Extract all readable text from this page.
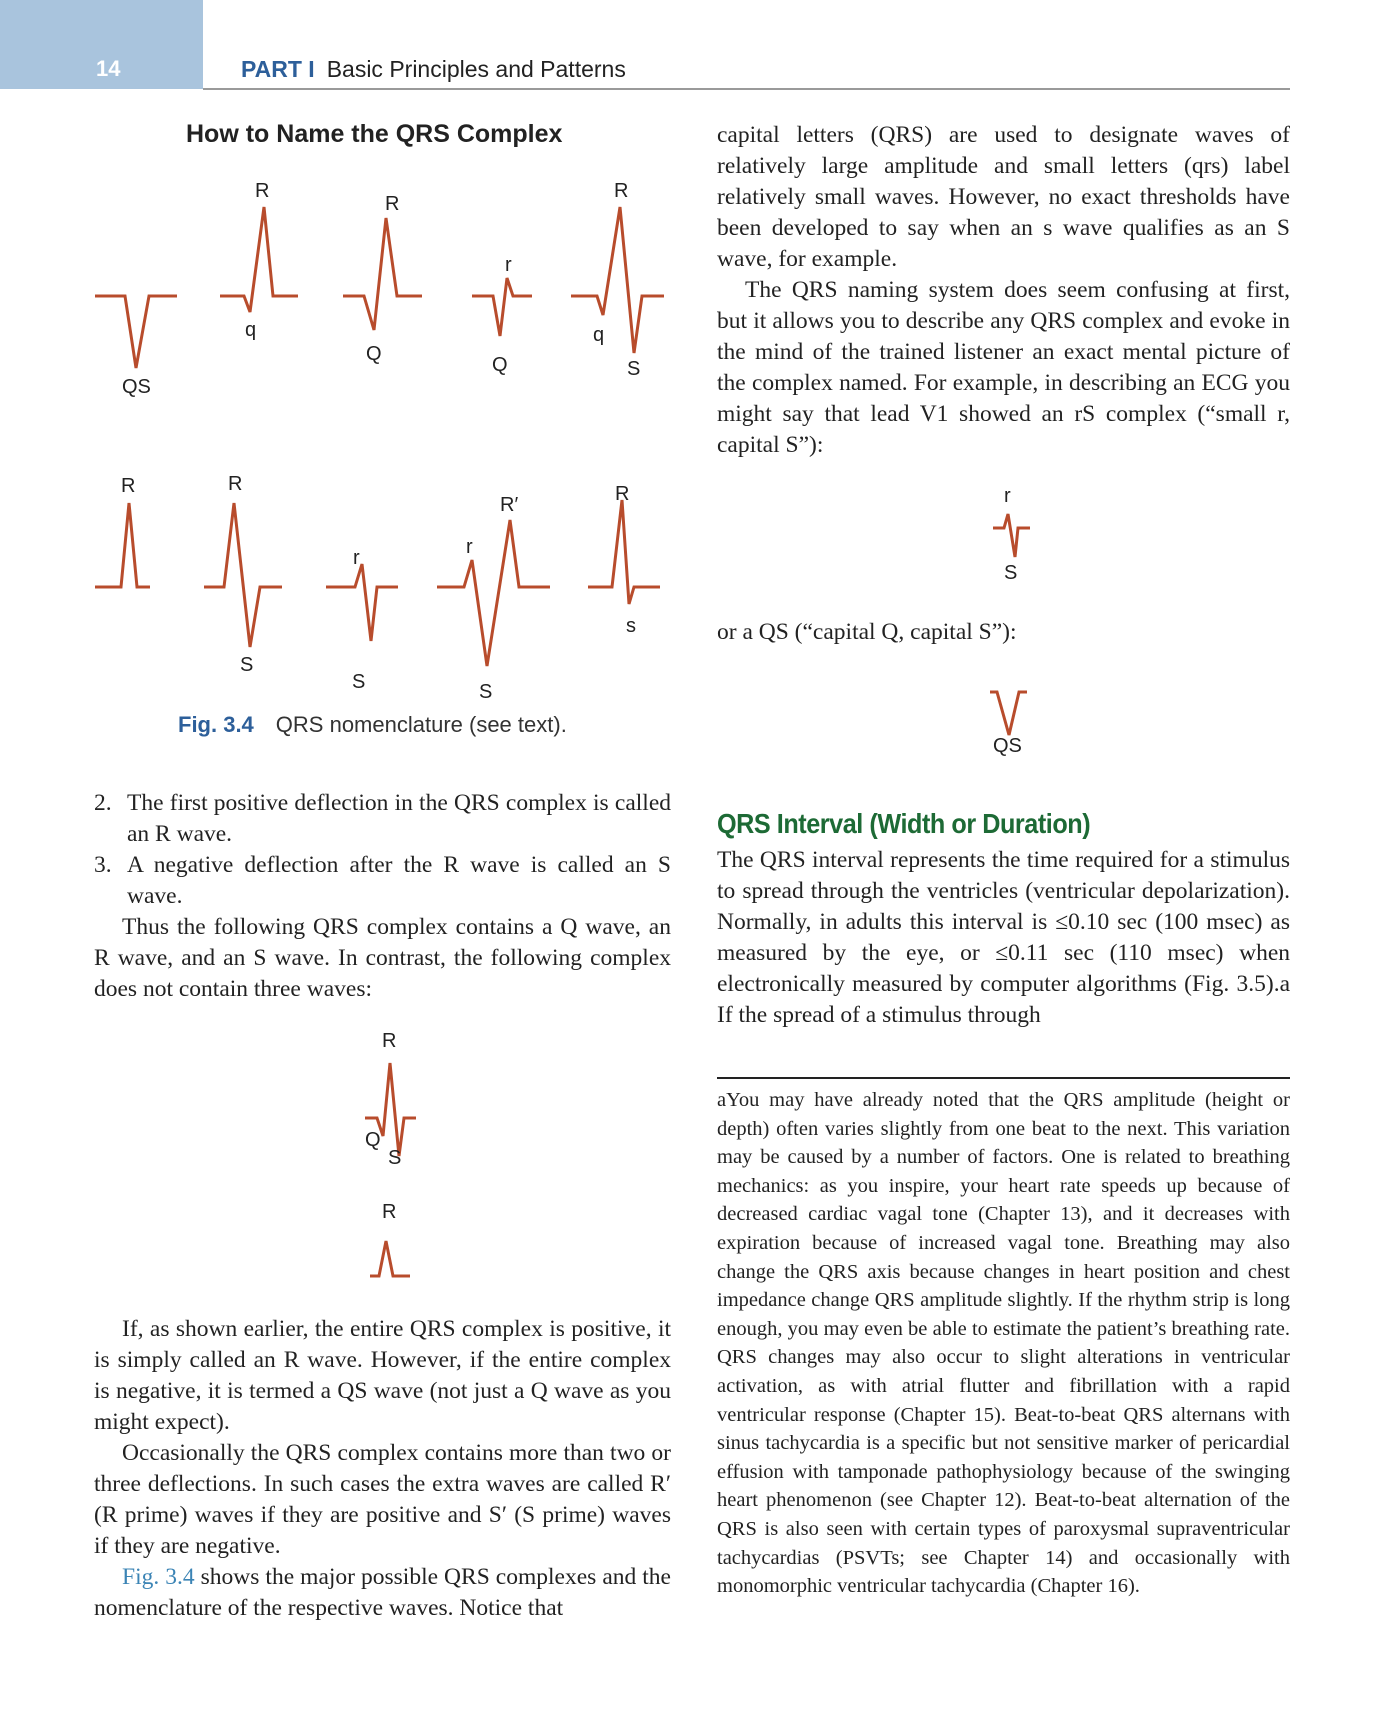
14	PART I Basic Principles and Patterns
How to Name the QRS Complex
QS
R
q
R
Q
r
Q
R
q
S
R	R
S
r
S
r
R′
S
R
s
R
Q
S
R
r
S
QS
Fig. 3.4 QRS nomenclature (see text).
2. The first positive deflection in the QRS complex is called an R wave.
3. A negative deflection after the R wave is called an S wave.

Thus the following QRS complex contains a Q wave, an R wave, and an S wave. In contrast, the following complex does not contain three waves:

If, as shown earlier, the entire QRS complex is positive, it is simply called an R wave. However, if the entire complex is negative, it is termed a QS wave (not just a Q wave as you might expect).

Occasionally the QRS complex contains more than two or three deflections. In such cases the extra waves are called R′ (R prime) waves if they are positive and S′ (S prime) waves if they are negative.

Fig. 3.4 shows the major possible QRS complexes and the nomenclature of the respective waves. Notice that

capital letters (QRS) are used to designate waves of relatively large amplitude and small letters (qrs) label relatively small waves. However, no exact thresholds have been developed to say when an s wave qualifies as an S wave, for example.

The QRS naming system does seem confusing at first, but it allows you to describe any QRS complex and evoke in the mind of the trained listener an exact mental picture of the complex named. For example, in describing an ECG you might say that lead V1 showed an rS complex (“small r, capital S”):

or a QS (“capital Q, capital S”):

QRS Interval (Width or Duration)

The QRS interval represents the time required for a stimulus to spread through the ventricles (ventricular depolarization). Normally, in adults this interval is ≤0.10 sec (100 msec) as measured by the eye, or ≤0.11 sec (110 msec) when electronically measured by computer algorithms (Fig. 3.5).a If the spread of a stimulus through

aYou may have already noted that the QRS amplitude (height or depth) often varies slightly from one beat to the next. This variation may be caused by a number of factors. One is related to breathing mechanics: as you inspire, your heart rate speeds up because of decreased cardiac vagal tone (Chapter 13), and it decreases with expiration because of increased vagal tone. Breathing may also change the QRS axis because changes in heart position and chest impedance change QRS amplitude slightly. If the rhythm strip is long enough, you may even be able to estimate the patient’s breathing rate. QRS changes may also occur to slight alterations in ventricular activation, as with atrial flutter and fibrillation with a rapid ventricular response (Chapter 15). Beat-to-beat QRS alternans with sinus tachycardia is a specific but not sensitive marker of pericardial effusion with tamponade pathophysiology because of the swinging heart phenomenon (see Chapter 12). Beat-to-beat alternation of the QRS is also seen with certain types of paroxysmal supraventricular tachycardias (PSVTs; see Chapter 14) and occasionally with monomorphic ventricular tachycardia (Chapter 16).
